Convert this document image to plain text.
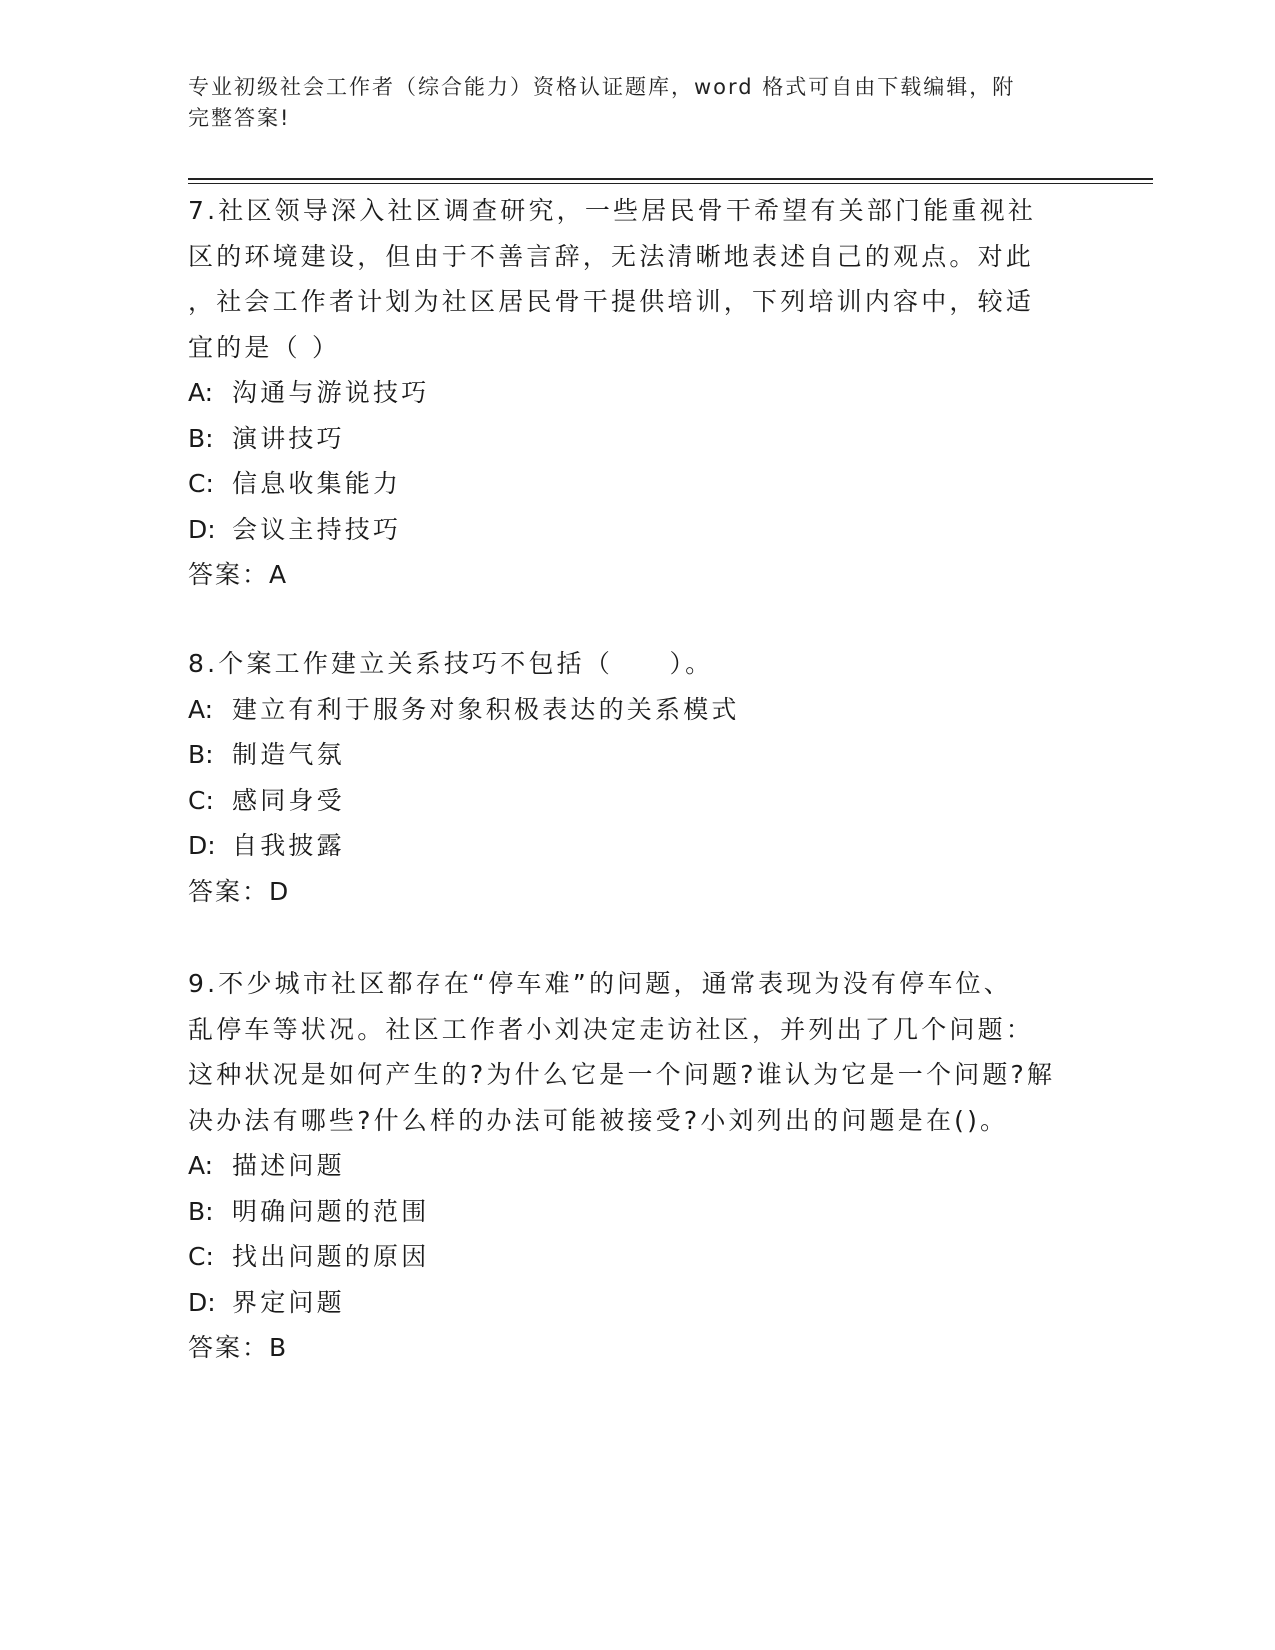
专业初级社会工作者（综合能力）资格认证题库，word 格式可自由下载编辑，附
完整答案!

7.社区领导深入社区调查研究，一些居民骨干希望有关部门能重视社

区的环境建设，但由于不善言辞，无法清晰地表述自己的观点。对此

，社会工作者计划为社区居民骨干提供培训，下列培训内容中，较适

宜的是（ ）

A: 沟通与游说技巧

B: 演讲技巧

C: 信息收集能力

D: 会议主持技巧

答案：A

8.个案工作建立关系技巧不包括（　　）。

A: 建立有利于服务对象积极表达的关系模式

B: 制造气氛

C: 感同身受

D: 自我披露

答案：D

9.不少城市社区都存在“停车难”的问题，通常表现为没有停车位、

乱停车等状况。社区工作者小刘决定走访社区，并列出了几个问题：

这种状况是如何产生的?为什么它是一个问题?谁认为它是一个问题?解

决办法有哪些?什么样的办法可能被接受?小刘列出的问题是在()。

A: 描述问题

B: 明确问题的范围

C: 找出问题的原因

D: 界定问题

答案：B
